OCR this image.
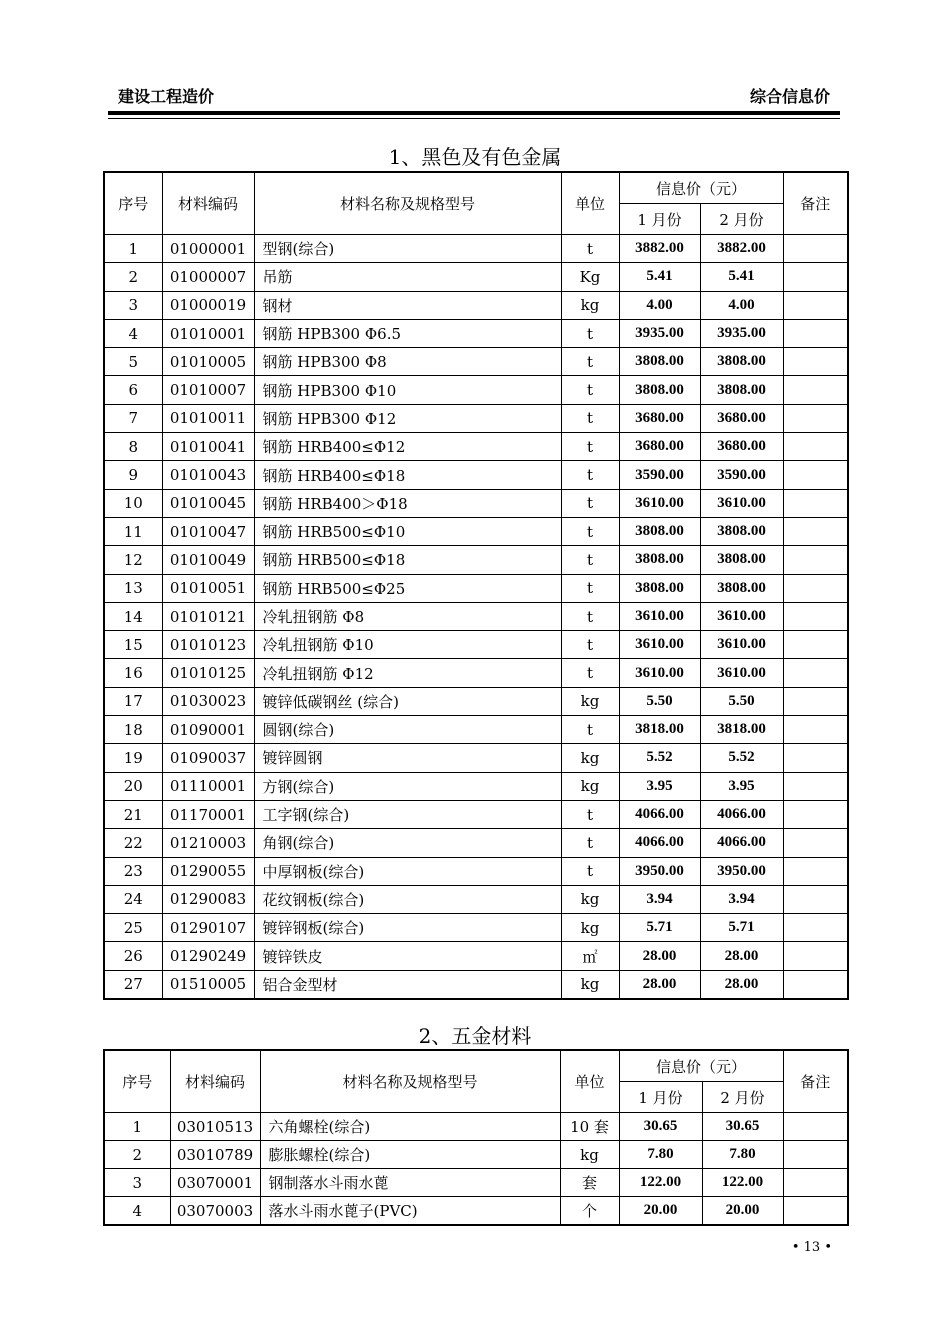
建设工程造价	综合信息价
1、黑色及有色金属
序号	材料编码	材料名称及规格型号	单位	信息价（元）		备注
				1 月份	2 月份	
1	01000001	型钢(综合)	t	3882.00	3882.00	
2	01000007	吊筋	Kg	5.41	5.41	
3	01000019	钢材	kg	4.00	4.00	
4	01010001	钢筋 HPB300 Φ6.5	t	3935.00	3935.00	
5	01010005	钢筋 HPB300 Φ8	t	3808.00	3808.00	
6	01010007	钢筋 HPB300 Φ10	t	3808.00	3808.00	
7	01010011	钢筋 HPB300 Φ12	t	3680.00	3680.00	
8	01010041	钢筋 HRB400≤Φ12	t	3680.00	3680.00	
9	01010043	钢筋 HRB400≤Φ18	t	3590.00	3590.00	
10	01010045	钢筋 HRB400＞Φ18	t	3610.00	3610.00	
11	01010047	钢筋 HRB500≤Φ10	t	3808.00	3808.00	
12	01010049	钢筋 HRB500≤Φ18	t	3808.00	3808.00	
13	01010051	钢筋 HRB500≤Φ25	t	3808.00	3808.00	
14	01010121	冷轧扭钢筋 Φ8	t	3610.00	3610.00	
15	01010123	冷轧扭钢筋 Φ10	t	3610.00	3610.00	
16	01010125	冷轧扭钢筋 Φ12	t	3610.00	3610.00	
17	01030023	镀锌低碳钢丝 (综合)	kg	5.50	5.50	
18	01090001	圆钢(综合)	t	3818.00	3818.00	
19	01090037	镀锌圆钢	kg	5.52	5.52	
20	01110001	方钢(综合)	kg	3.95	3.95	
21	01170001	工字钢(综合)	t	4066.00	4066.00	
22	01210003	角钢(综合)	t	4066.00	4066.00	
23	01290055	中厚钢板(综合)	t	3950.00	3950.00	
24	01290083	花纹钢板(综合)	kg	3.94	3.94	
25	01290107	镀锌钢板(综合)	kg	5.71	5.71	
26	01290249	镀锌铁皮	㎡	28.00	28.00	
27	01510005	铝合金型材	kg	28.00	28.00	
2、五金材料
序号	材料编码	材料名称及规格型号	单位	信息价（元）		备注
				1 月份	2 月份	
1	03010513	六角螺栓(综合)	10 套	30.65	30.65	
2	03010789	膨胀螺栓(综合)	kg	7.80	7.80	
3	03070001	钢制落水斗雨水蓖	套	122.00	122.00	
4	03070003	落水斗雨水蓖子(PVC)	个	20.00	20.00	
• 13 •
